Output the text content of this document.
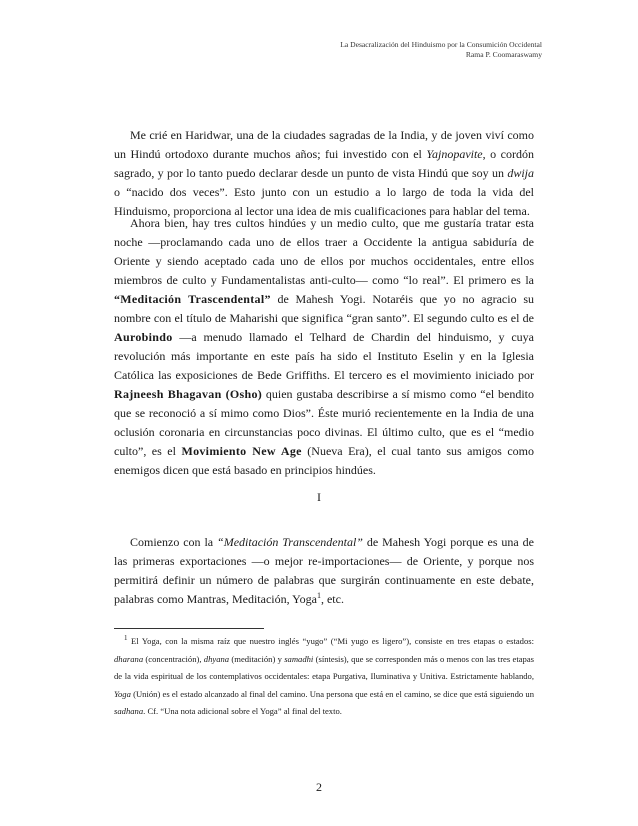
La Desacralización del Hinduismo por la Consumición Occidental
Rama P. Coomaraswamy

Me crié en Haridwar, una de la ciudades sagradas de la India, y de joven viví como un Hindú ortodoxo durante muchos años; fui investido con el Yajnopavite, o cordón sagrado, y por lo tanto puedo declarar desde un punto de vista Hindú que soy un dwija o “nacido dos veces”. Esto junto con un estudio a lo largo de toda la vida del Hinduismo, proporciona al lector una idea de mis cualificaciones para hablar del tema.

Ahora bien, hay tres cultos hindúes y un medio culto, que me gustaría tratar esta noche —proclamando cada uno de ellos traer a Occidente la antigua sabiduría de Oriente y siendo aceptado cada uno de ellos por muchos occidentales, entre ellos miembros de culto y Fundamentalistas anti-culto— como “lo real”. El primero es la “Meditación Trascendental” de Mahesh Yogi. Notaréis que yo no agracio su nombre con el título de Maharishi que significa “gran santo”. El segundo culto es el de Aurobindo —a menudo llamado el Telhard de Chardin del hinduismo, y cuya revolución más importante en este país ha sido el Instituto Eselin y en la Iglesia Católica las exposiciones de Bede Griffiths. El tercero es el movimiento iniciado por Rajneesh Bhagavan (Osho) quien gustaba describirse a sí mismo como “el bendito que se reconoció a sí mimo como Dios”. Éste murió recientemente en la India de una oclusión coronaria en circunstancias poco divinas. El último culto, que es el “medio culto”, es el Movimiento New Age (Nueva Era), el cual tanto sus amigos como enemigos dicen que está basado en principios hindúes.

I

Comienzo con la “Meditación Transcendental” de Mahesh Yogi porque es una de las primeras exportaciones —o mejor re-importaciones— de Oriente, y porque nos permitirá definir un número de palabras que surgirán continuamente en este debate, palabras como Mantras, Meditación, Yoga$^1$, etc.

$^1$ El Yoga, con la misma raíz que nuestro inglés “yugo” (“Mi yugo es ligero”), consiste en tres etapas o estados: dharana (concentración), dhyana (meditación) y samadhi (síntesis), que se corresponden más o menos con las tres etapas de la vida espiritual de los contemplativos occidentales: etapa Purgativa, Iluminativa y Unitiva. Estrictamente hablando, Yoga (Unión) es el estado alcanzado al final del camino. Una persona que está en el camino, se dice que está siguiendo un sadhana. Cf. “Una nota adicional sobre el Yoga” al final del texto.

2
